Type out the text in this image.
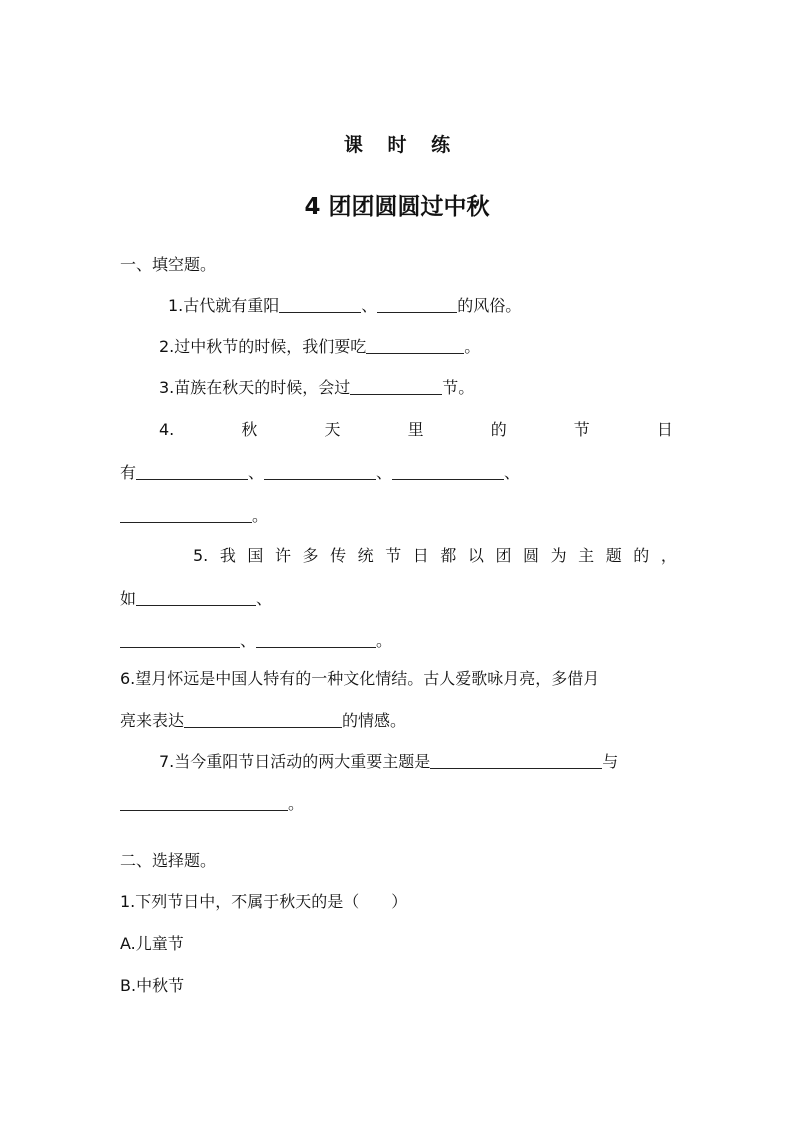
课 时 练
4 团团圆圆过中秋
一、填空题。
1.古代就有重阳	、	的风俗。
2.过中秋节的时候，我们要吃	。
3.苗族在秋天的时候，会过	节。
4.	秋	天	里	的	节	日
有	、	、	、
。
5. 我 国 许 多 传 统 节 日 都 以 团 圆 为 主 题 的 ，
如	、
、	。
6.望月怀远是中国人特有的一种文化情结。古人爱歌咏月亮，多借月
亮来表达	的情感。
7.当今重阳节日活动的两大重要主题是	与
。
二、选择题。
1.下列节日中，不属于秋天的是（　　）
A.儿童节
B.中秋节
